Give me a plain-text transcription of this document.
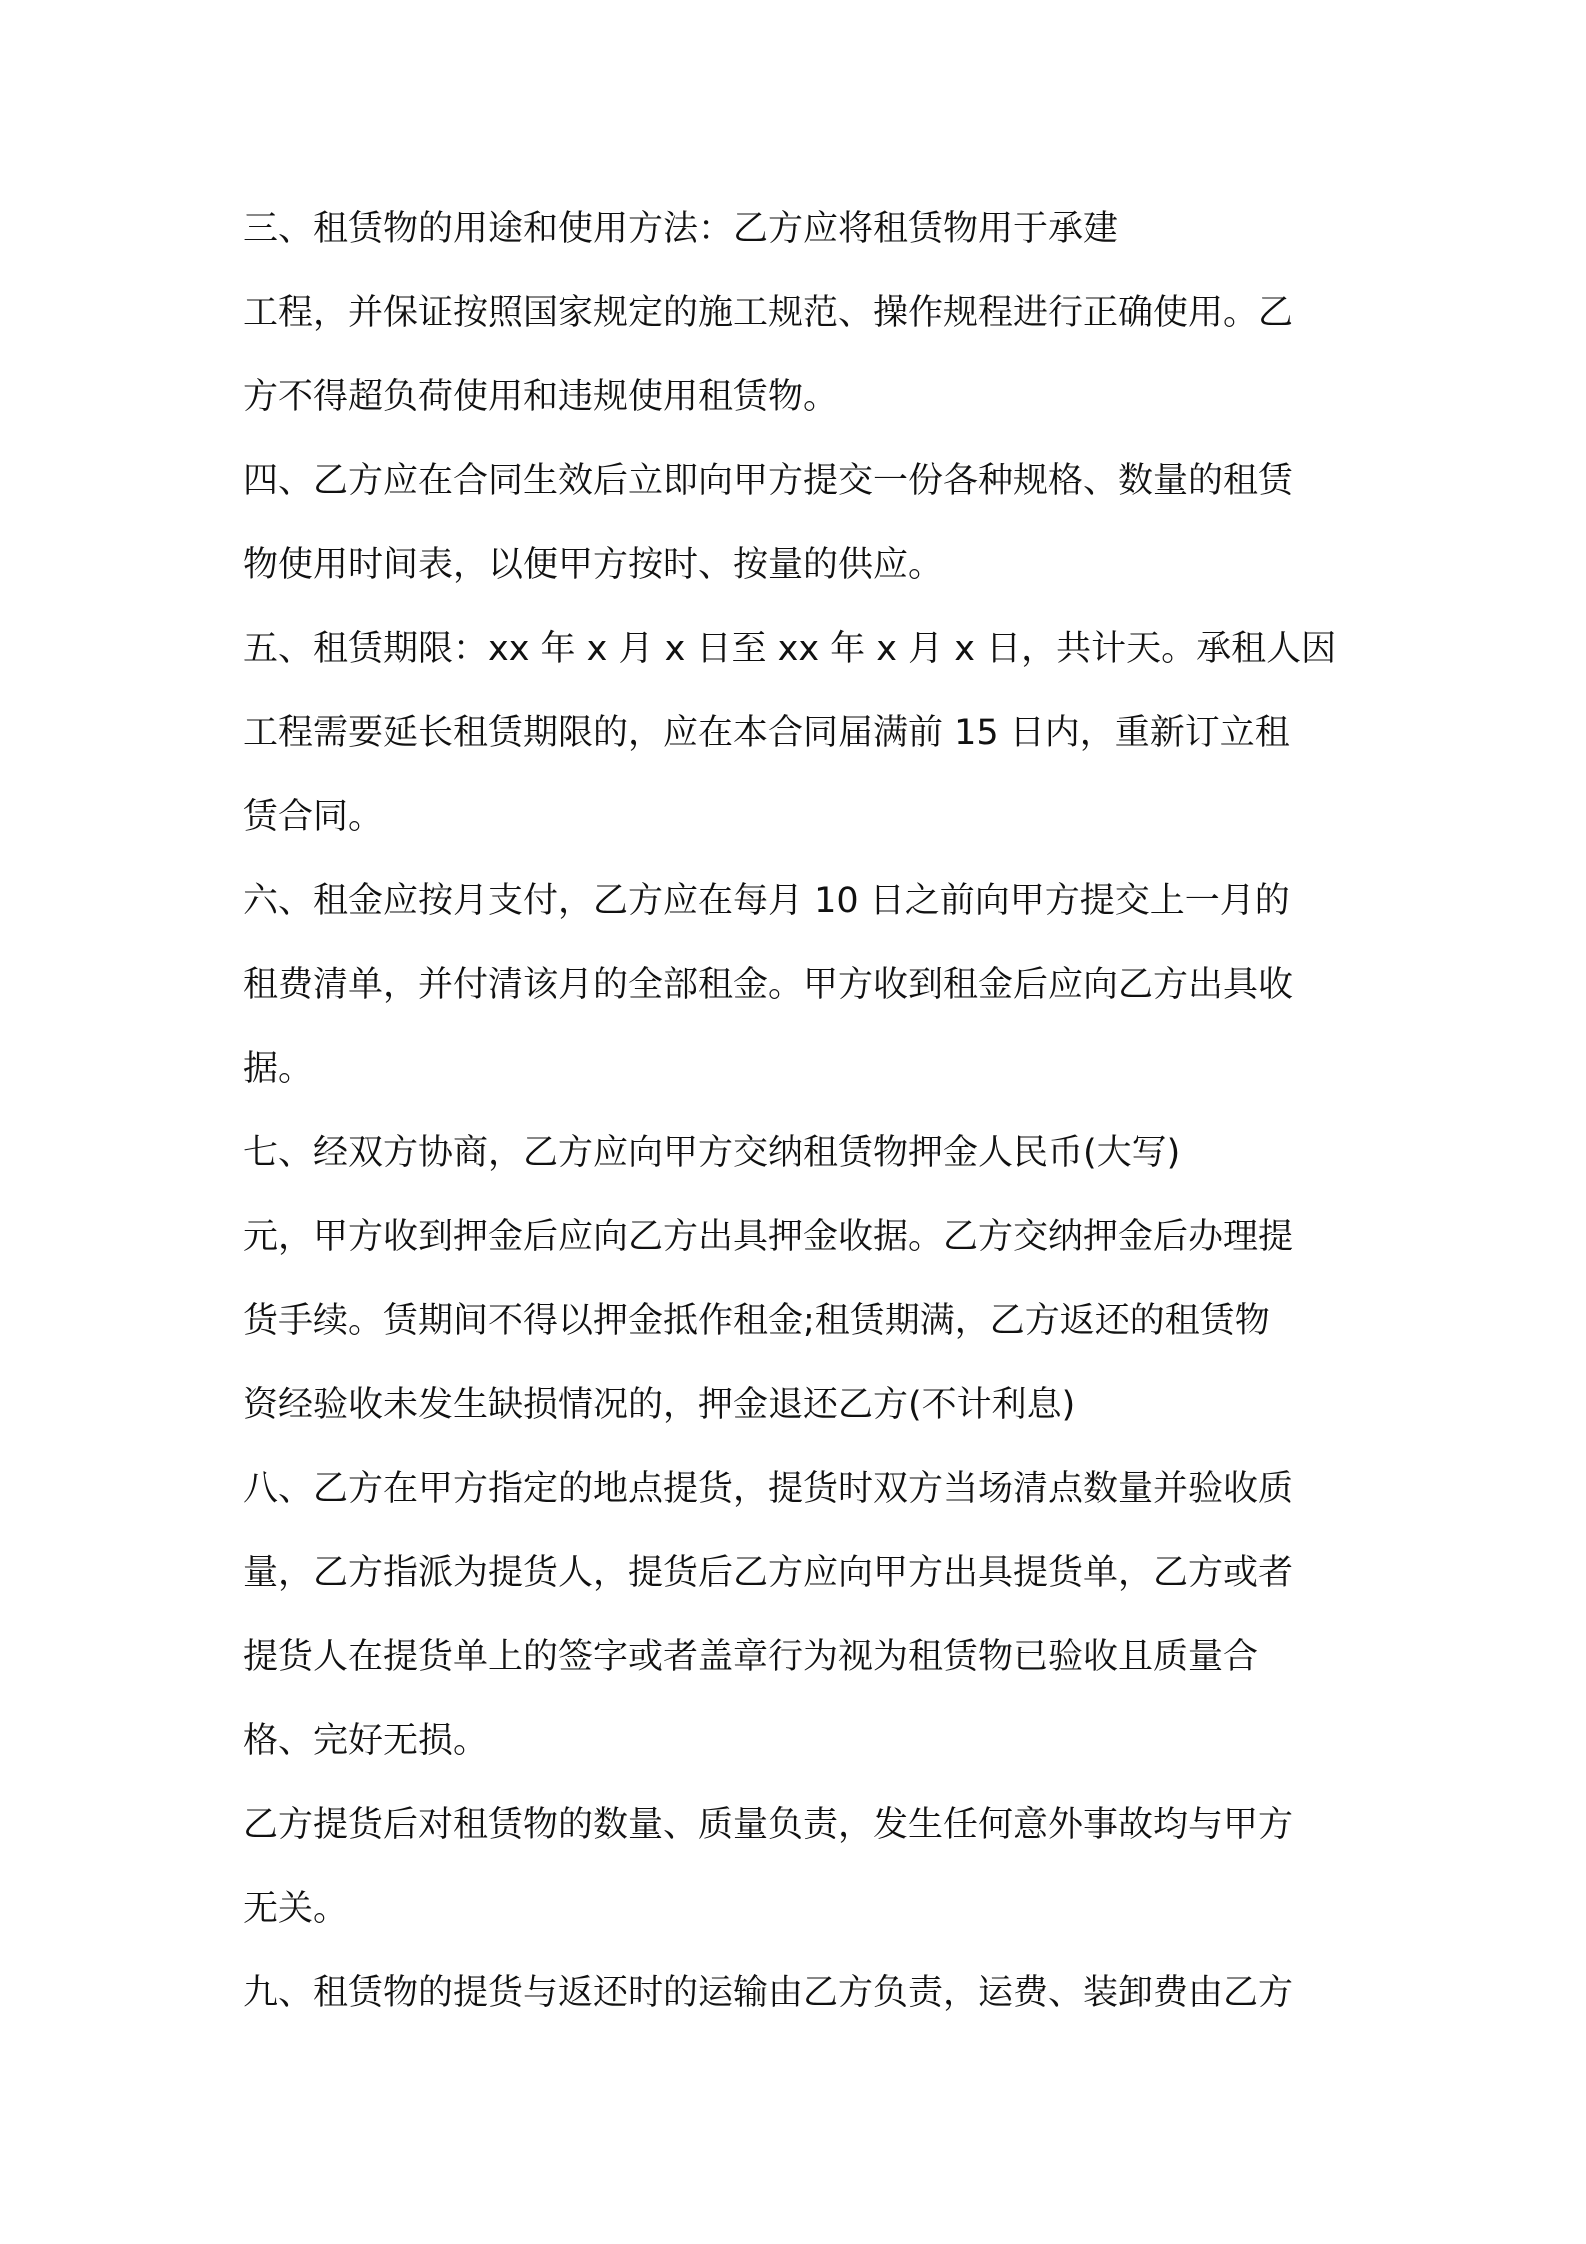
三、租赁物的用途和使用方法：乙方应将租赁物用于承建

工程，并保证按照国家规定的施工规范、操作规程进行正确使用。乙

方不得超负荷使用和违规使用租赁物。

四、乙方应在合同生效后立即向甲方提交一份各种规格、数量的租赁

物使用时间表，以便甲方按时、按量的供应。

五、租赁期限：xx 年 x 月 x 日至 xx 年 x 月 x 日，共计天。承租人因

工程需要延长租赁期限的，应在本合同届满前 15 日内，重新订立租

赁合同。

六、租金应按月支付，乙方应在每月 10 日之前向甲方提交上一月的

租费清单，并付清该月的全部租金。甲方收到租金后应向乙方出具收

据。

七、经双方协商，乙方应向甲方交纳租赁物押金人民币(大写)

元，甲方收到押金后应向乙方出具押金收据。乙方交纳押金后办理提

货手续。赁期间不得以押金抵作租金;租赁期满，乙方返还的租赁物

资经验收未发生缺损情况的，押金退还乙方(不计利息)

八、乙方在甲方指定的地点提货，提货时双方当场清点数量并验收质

量，乙方指派为提货人，提货后乙方应向甲方出具提货单，乙方或者

提货人在提货单上的签字或者盖章行为视为租赁物已验收且质量合

格、完好无损。

乙方提货后对租赁物的数量、质量负责，发生任何意外事故均与甲方

无关。

九、租赁物的提货与返还时的运输由乙方负责，运费、装卸费由乙方
